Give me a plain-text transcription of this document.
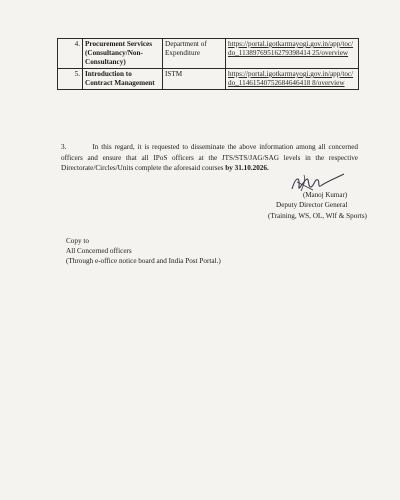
4.	Procurement Services (Consultancy/Non-Consultancy)	Department of Expenditure	https://portal.igotkarmayogi.gov.in/app/toc/do_11389769516279398414 25/overview
5.	Introduction to Contract Management	ISTM	https://portal.igotkarmayogi.gov.in/app/toc/do_11461540752684646418 8/overview
3.	In this regard, it is requested to disseminate the above information among all concerned officers and ensure that all IPoS officers at the JTS/STS/JAG/SAG levels in the respective Directorate/Circles/Units complete the aforesaid courses by 31.10.2026.
(Manoj Kumar)
Deputy Director General
(Training, WS, OL, Wlf & Sports)
Copy to
All Concerned officers
(Through e-office notice board and India Post Portal.)
